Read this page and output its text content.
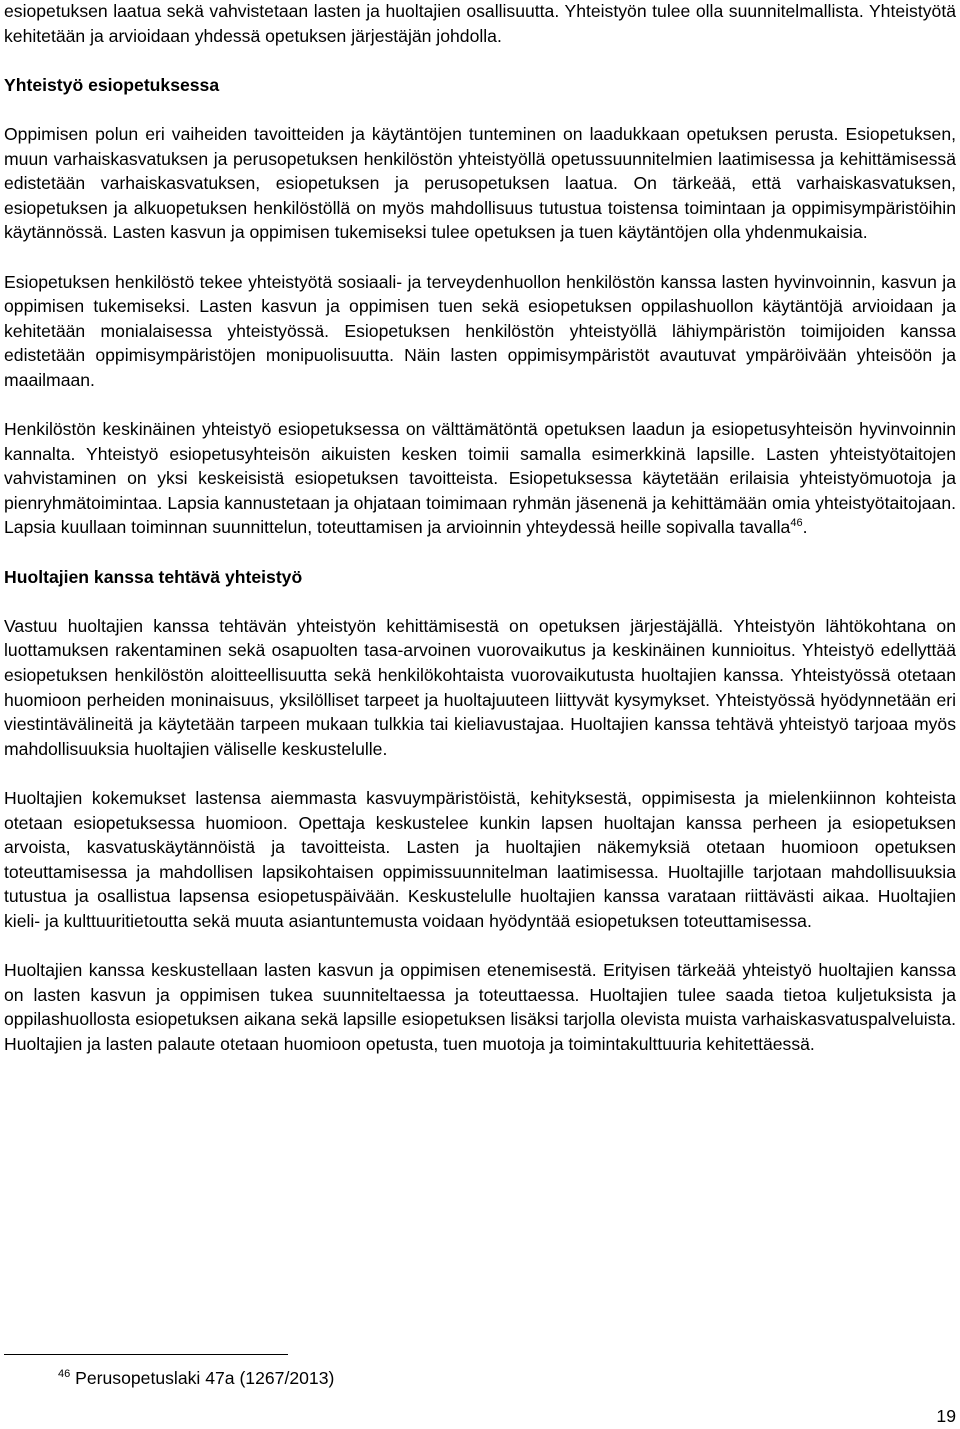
esiopetuksen laatua sekä vahvistetaan lasten ja huoltajien osallisuutta. Yhteistyön tulee olla suunnitelmallista. Yhteistyötä kehitetään ja arvioidaan yhdessä opetuksen järjestäjän johdolla.

Yhteistyö esiopetuksessa

Oppimisen polun eri vaiheiden tavoitteiden ja käytäntöjen tunteminen on laadukkaan opetuksen perusta. Esiopetuksen, muun varhaiskasvatuksen ja perusopetuksen henkilöstön yhteistyöllä opetussuunnitelmien laatimisessa ja kehittämisessä edistetään varhaiskasvatuksen, esiopetuksen ja perusopetuksen laatua. On tärkeää, että varhaiskasvatuksen, esiopetuksen ja alkuopetuksen henkilöstöllä on myös mahdollisuus tutustua toistensa toimintaan ja oppimisympäristöihin käytännössä. Lasten kasvun ja oppimisen tukemiseksi tulee opetuksen ja tuen käytäntöjen olla yhdenmukaisia.

Esiopetuksen henkilöstö tekee yhteistyötä sosiaali- ja terveydenhuollon henkilöstön kanssa lasten hyvinvoinnin, kasvun ja oppimisen tukemiseksi. Lasten kasvun ja oppimisen tuen sekä esiopetuksen oppilashuollon käytäntöjä arvioidaan ja kehitetään monialaisessa yhteistyössä. Esiopetuksen henkilöstön yhteistyöllä lähiympäristön toimijoiden kanssa edistetään oppimisympäristöjen monipuolisuutta. Näin lasten oppimisympäristöt avautuvat ympäröivään yhteisöön ja maailmaan.

Henkilöstön keskinäinen yhteistyö esiopetuksessa on välttämätöntä opetuksen laadun ja esiopetusyhteisön hyvinvoinnin kannalta. Yhteistyö esiopetusyhteisön aikuisten kesken toimii samalla esimerkkinä lapsille. Lasten yhteistyötaitojen vahvistaminen on yksi keskeisistä esiopetuksen tavoitteista. Esiopetuksessa käytetään erilaisia yhteistyömuotoja ja pienryhmätoimintaa. Lapsia kannustetaan ja ohjataan toimimaan ryhmän jäsenenä ja kehittämään omia yhteistyötaitojaan. Lapsia kuullaan toiminnan suunnittelun, toteuttamisen ja arvioinnin yhteydessä heille sopivalla tavalla$^{46}$.

Huoltajien kanssa tehtävä yhteistyö

Vastuu huoltajien kanssa tehtävän yhteistyön kehittämisestä on opetuksen järjestäjällä. Yhteistyön lähtökohtana on luottamuksen rakentaminen sekä osapuolten tasa-arvoinen vuorovaikutus ja keskinäinen kunnioitus. Yhteistyö edellyttää esiopetuksen henkilöstön aloitteellisuutta sekä henkilökohtaista vuorovaikutusta huoltajien kanssa. Yhteistyössä otetaan huomioon perheiden moninaisuus, yksilölliset tarpeet ja huoltajuuteen liittyvät kysymykset. Yhteistyössä hyödynnetään eri viestintävälineitä ja käytetään tarpeen mukaan tulkkia tai kieliavustajaa. Huoltajien kanssa tehtävä yhteistyö tarjoaa myös mahdollisuuksia huoltajien väliselle keskustelulle.

Huoltajien kokemukset lastensa aiemmasta kasvuympäristöistä, kehityksestä, oppimisesta ja mielenkiinnon kohteista otetaan esiopetuksessa huomioon. Opettaja keskustelee kunkin lapsen huoltajan kanssa perheen ja esiopetuksen arvoista, kasvatuskäytännöistä ja tavoitteista. Lasten ja huoltajien näkemyksiä otetaan huomioon opetuksen toteuttamisessa ja mahdollisen lapsikohtaisen oppimissuunnitelman laatimisessa. Huoltajille tarjotaan mahdollisuuksia tutustua ja osallistua lapsensa esiopetuspäivään. Keskustelulle huoltajien kanssa varataan riittävästi aikaa. Huoltajien kieli- ja kulttuuritietoutta sekä muuta asiantuntemusta voidaan hyödyntää esiopetuksen toteuttamisessa.

Huoltajien kanssa keskustellaan lasten kasvun ja oppimisen etenemisestä. Erityisen tärkeää yhteistyö huoltajien kanssa on lasten kasvun ja oppimisen tukea suunniteltaessa ja toteuttaessa. Huoltajien tulee saada tietoa kuljetuksista ja oppilashuollosta esiopetuksen aikana sekä lapsille esiopetuksen lisäksi tarjolla olevista muista varhaiskasvatuspalveluista. Huoltajien ja lasten palaute otetaan huomioon opetusta, tuen muotoja ja toimintakulttuuria kehitettäessä.

$^{46}$ Perusopetuslaki 47a (1267/2013)
19
